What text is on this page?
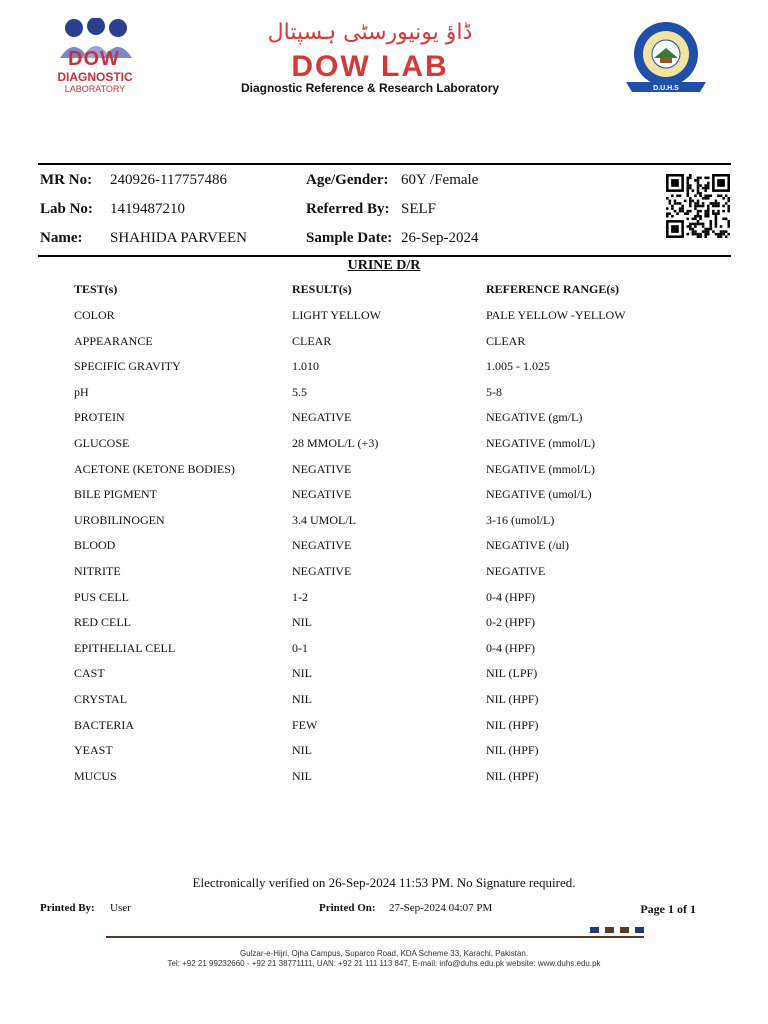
DOW
DIAGNOSTIC
LABORATORY
ڈاؤ یونیورسٹی ہسپتال
DOW LAB
Diagnostic Reference & Research Laboratory	D.U.H.S
MR No: 240926-117757486
Lab No: 1419487210
Name: SHAHIDA PARVEEN
Age/Gender: 60Y /Female
Referred By: SELF
Sample Date: 26-Sep-2024
URINE D/R
TEST(s)	RESULT(s)	REFERENCE RANGE(s)
COLOR	LIGHT YELLOW	PALE YELLOW -YELLOW
APPEARANCE	CLEAR	CLEAR
SPECIFIC GRAVITY	1.010	1.005 - 1.025
pH	5.5	5-8
PROTEIN	NEGATIVE	NEGATIVE (gm/L)
GLUCOSE	28 MMOL/L (+3)	NEGATIVE (mmol/L)
ACETONE (KETONE BODIES)	NEGATIVE	NEGATIVE (mmol/L)
BILE PIGMENT	NEGATIVE	NEGATIVE (umol/L)
UROBILINOGEN	3.4 UMOL/L	3-16 (umol/L)
BLOOD	NEGATIVE	NEGATIVE (/ul)
NITRITE	NEGATIVE	NEGATIVE
PUS CELL	1-2	0-4 (HPF)
RED CELL	NIL	0-2 (HPF)
EPITHELIAL CELL	0-1	0-4 (HPF)
CAST	NIL	NIL (LPF)
CRYSTAL	NIL	NIL (HPF)
BACTERIA	FEW	NIL (HPF)
YEAST	NIL	NIL (HPF)
MUCUS	NIL	NIL (HPF)
Electronically verified on 26-Sep-2024 11:53 PM. No Signature required.
Printed By: User	Printed On: 27-Sep-2024 04:07 PM	Page 1 of 1
Gulzar-e-Hijri, Ojha Campus, Suparco Road, KDA Scheme 33, Karachi, Pakistan.
Tel: +92 21 99232660 - +92 21 38771111, UAN: +92 21 111 113 847, E-mail: info@duhs.edu.pk website: www.duhs.edu.pk
